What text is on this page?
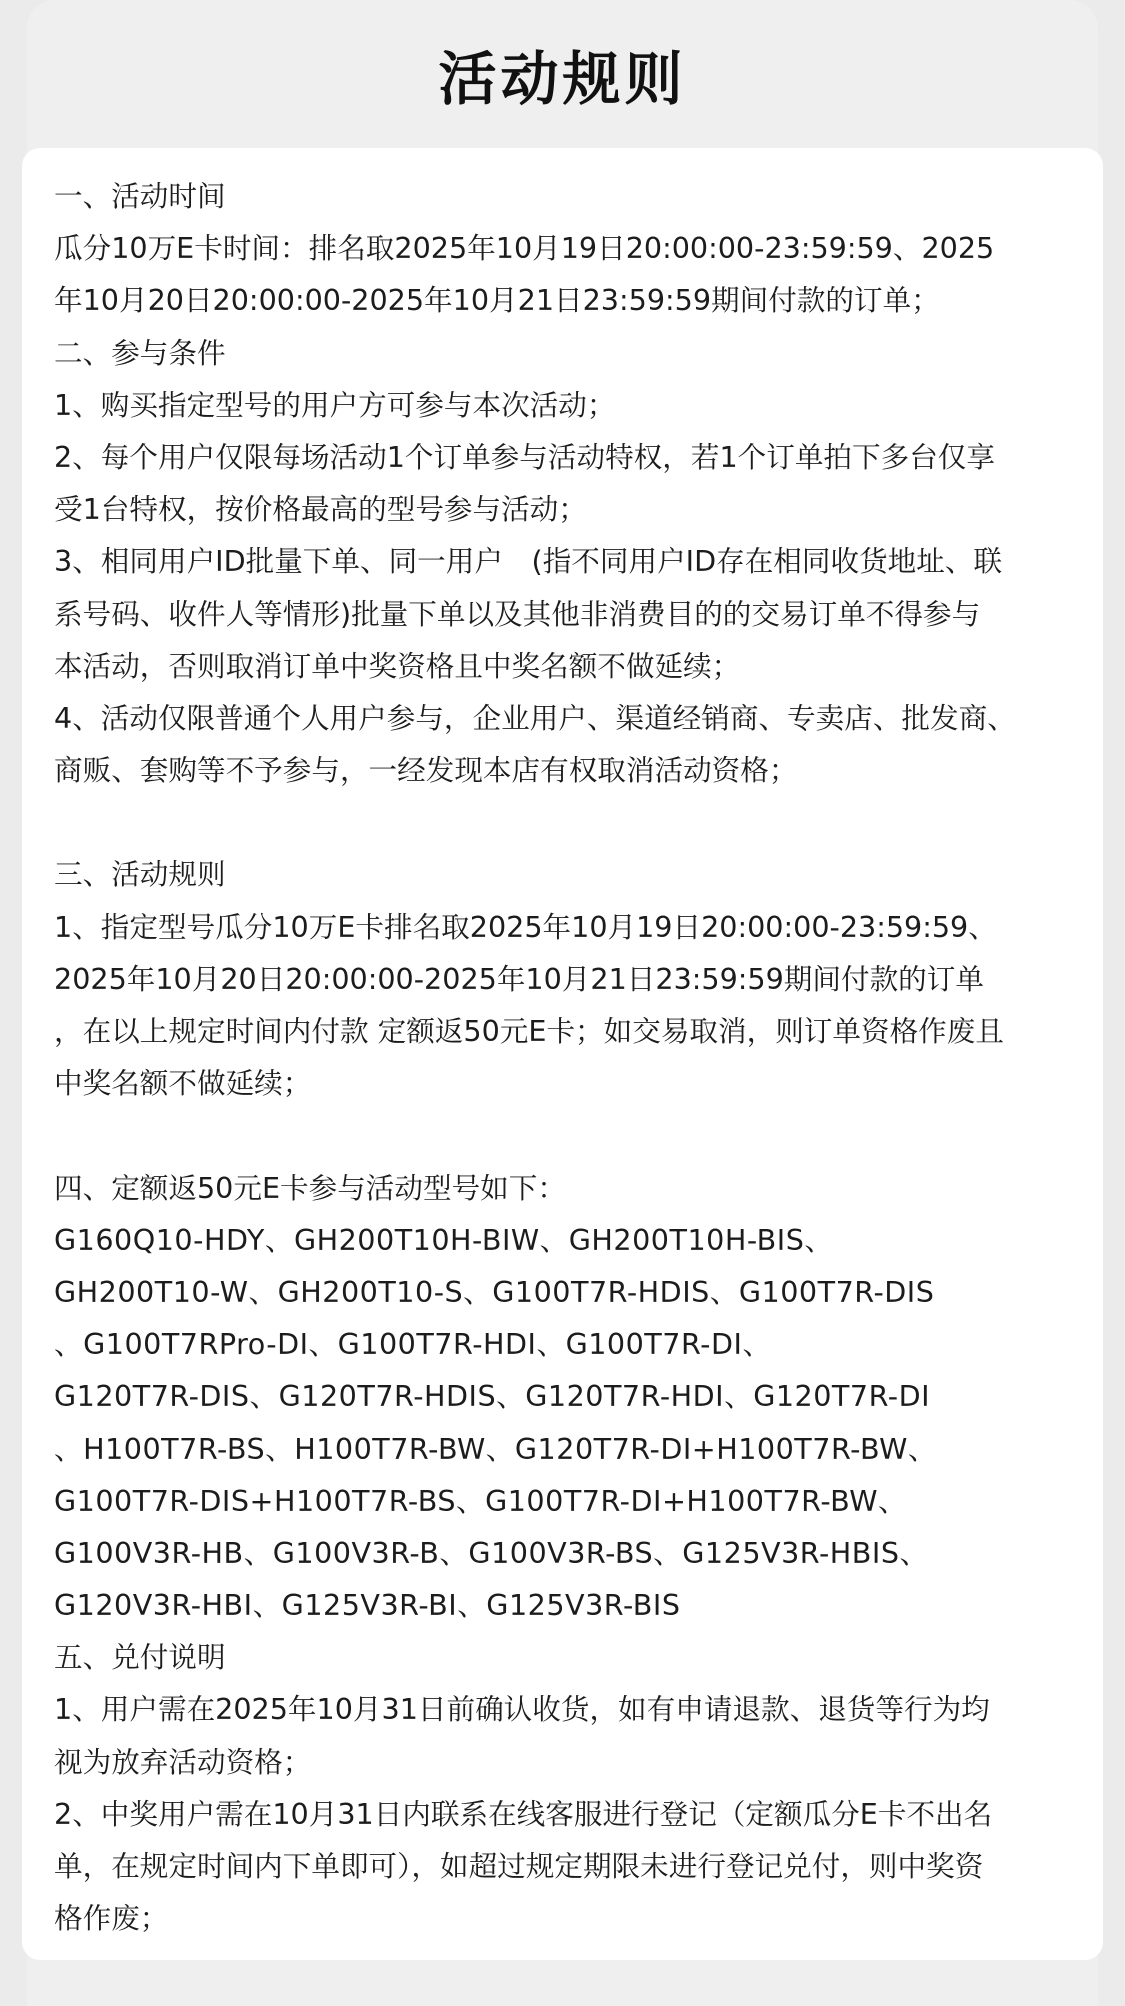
活动规则
一、活动时间
瓜分10万E卡时间：排名取2025年10月19日20:00:00-23:59:59、2025
年10月20日20:00:00-2025年10月21日23:59:59期间付款的订单；
二、参与条件
1、购买指定型号的用户方可参与本次活动；
2、每个用户仅限每场活动1个订单参与活动特权，若1个订单拍下多台仅享
受1台特权，按价格最高的型号参与活动；
3、相同用户ID批量下单、同一用户　(指不同用户ID存在相同收货地址、联
系号码、收件人等情形)批量下单以及其他非消费目的的交易订单不得参与
本活动，否则取消订单中奖资格且中奖名额不做延续；
4、活动仅限普通个人用户参与，企业用户、渠道经销商、专卖店、批发商、
商贩、套购等不予参与，一经发现本店有权取消活动资格；
三、活动规则
1、指定型号瓜分10万E卡排名取2025年10月19日20:00:00-23:59:59、
2025年10月20日20:00:00-2025年10月21日23:59:59期间付款的订单
，在以上规定时间内付款 定额返50元E卡；如交易取消，则订单资格作废且
中奖名额不做延续；
四、定额返50元E卡参与活动型号如下：
G160Q10-HDY、GH200T10H-BIW、GH200T10H-BIS、
GH200T10-W、GH200T10-S、G100T7R-HDIS、G100T7R-DIS
、G100T7RPro-DI、G100T7R-HDI、G100T7R-DI、
G120T7R-DIS、G120T7R-HDIS、G120T7R-HDI、G120T7R-DI
、H100T7R-BS、H100T7R-BW、G120T7R-DI+H100T7R-BW、
G100T7R-DIS+H100T7R-BS、G100T7R-DI+H100T7R-BW、
G100V3R-HB、G100V3R-B、G100V3R-BS、G125V3R-HBIS、
G120V3R-HBI、G125V3R-BI、G125V3R-BIS
五、兑付说明
1、用户需在2025年10月31日前确认收货，如有申请退款、退货等行为均
视为放弃活动资格；
2、中奖用户需在10月31日内联系在线客服进行登记（定额瓜分E卡不出名
单，在规定时间内下单即可），如超过规定期限未进行登记兑付，则中奖资
格作废；
